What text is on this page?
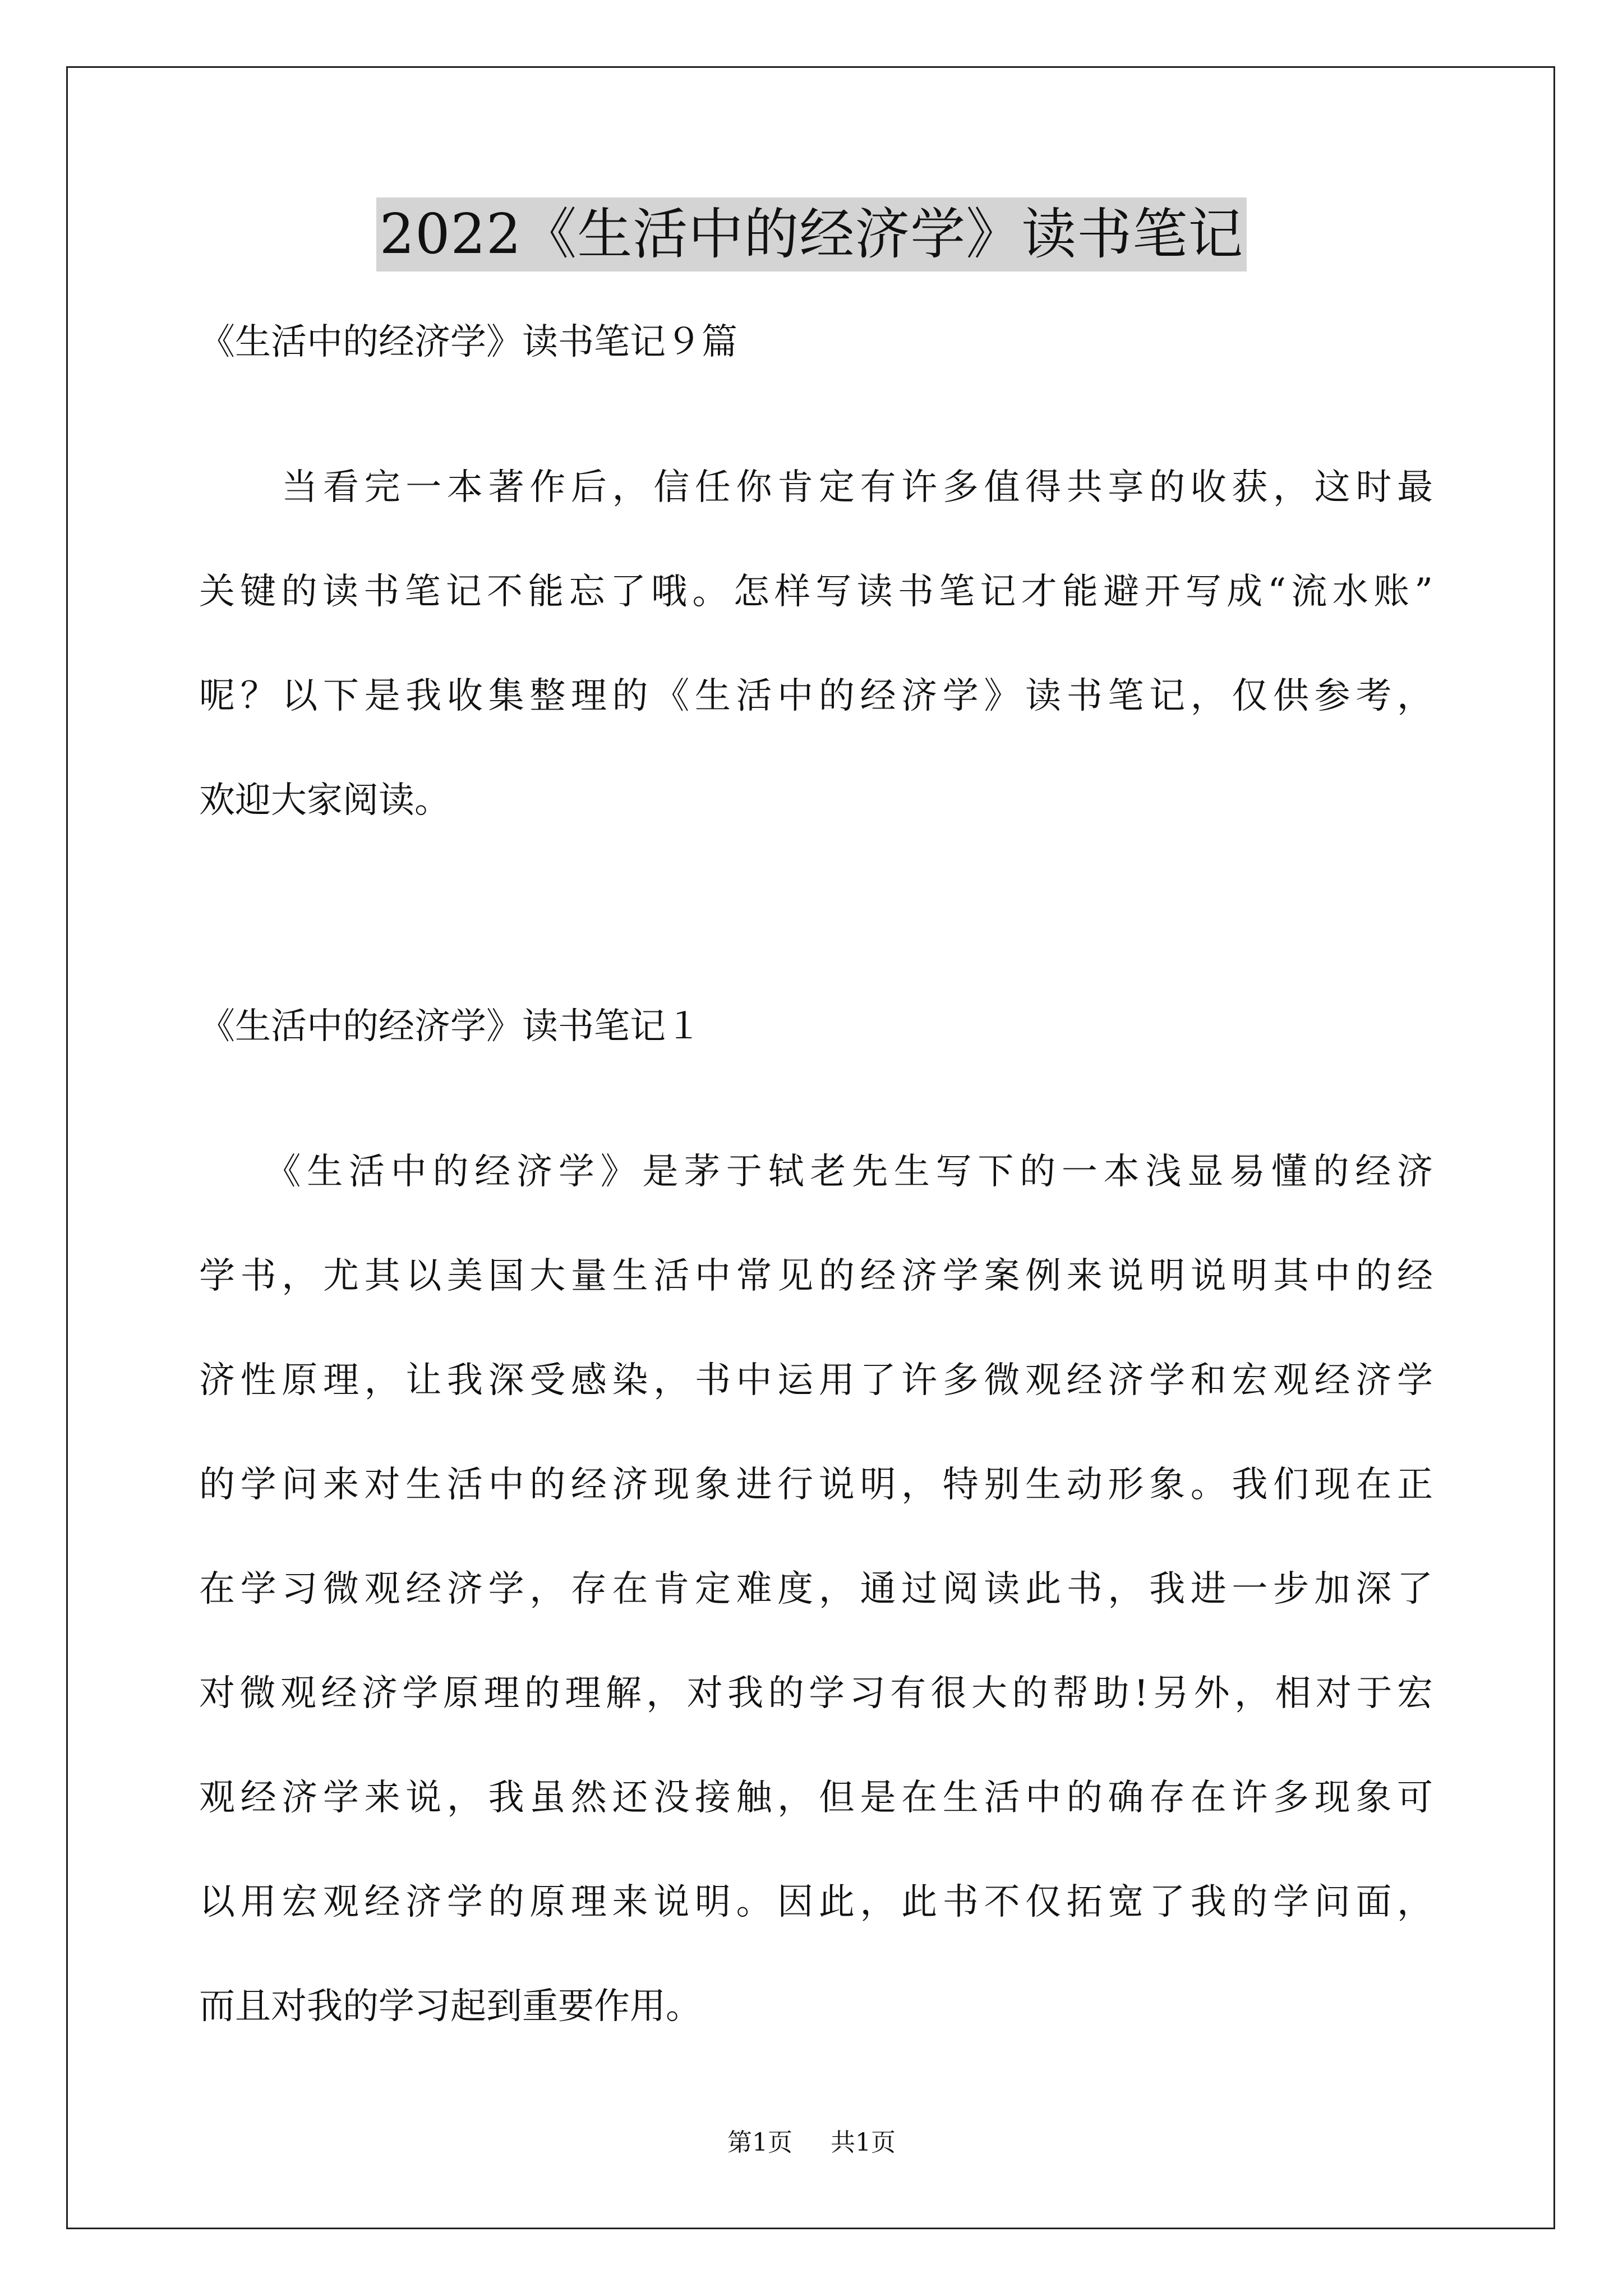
2022《生活中的经济学》读书笔记
《生活中的经济学》读书笔记９篇
　　当看完一本著作后，信任你肯定有许多值得共享的收获，这时最
关键的读书笔记不能忘了哦。怎样写读书笔记才能避开写成“流水账”
呢？以下是我收集整理的《生活中的经济学》读书笔记，仅供参考，
欢迎大家阅读。
《生活中的经济学》读书笔记１
　　《生活中的经济学》是茅于轼老先生写下的一本浅显易懂的经济
学书，尤其以美国大量生活中常见的经济学案例来说明说明其中的经
济性原理，让我深受感染，书中运用了许多微观经济学和宏观经济学
的学问来对生活中的经济现象进行说明，特别生动形象。我们现在正
在学习微观经济学，存在肯定难度，通过阅读此书，我进一步加深了
对微观经济学原理的理解，对我的学习有很大的帮助!另外，相对于宏
观经济学来说，我虽然还没接触，但是在生活中的确存在许多现象可
以用宏观经济学的原理来说明。因此，此书不仅拓宽了我的学问面，
而且对我的学习起到重要作用。
第1页 共1页
